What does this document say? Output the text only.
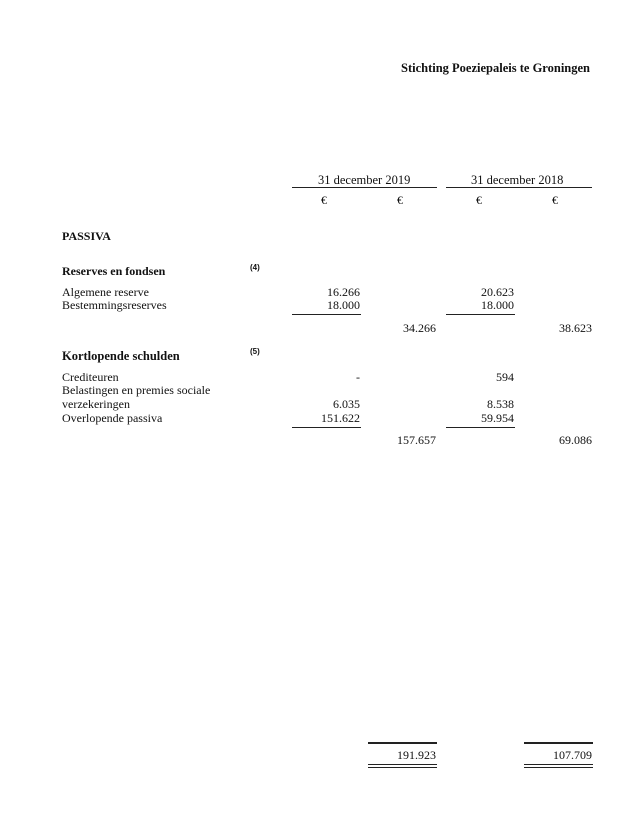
Stichting Poeziepaleis te Groningen
31 december 2019	31 december 2018
€	€	€	€
PASSIVA
Reserves en fondsen	(4)
Algemene reserve	16.266	20.623
Bestemmingsreserves	18.000	18.000
34.266	38.623
Kortlopende schulden	(5)
Crediteuren	-	594
Belastingen en premies sociale
verzekeringen	6.035	8.538
Overlopende passiva	151.622	59.954
157.657	69.086
191.923	107.709
